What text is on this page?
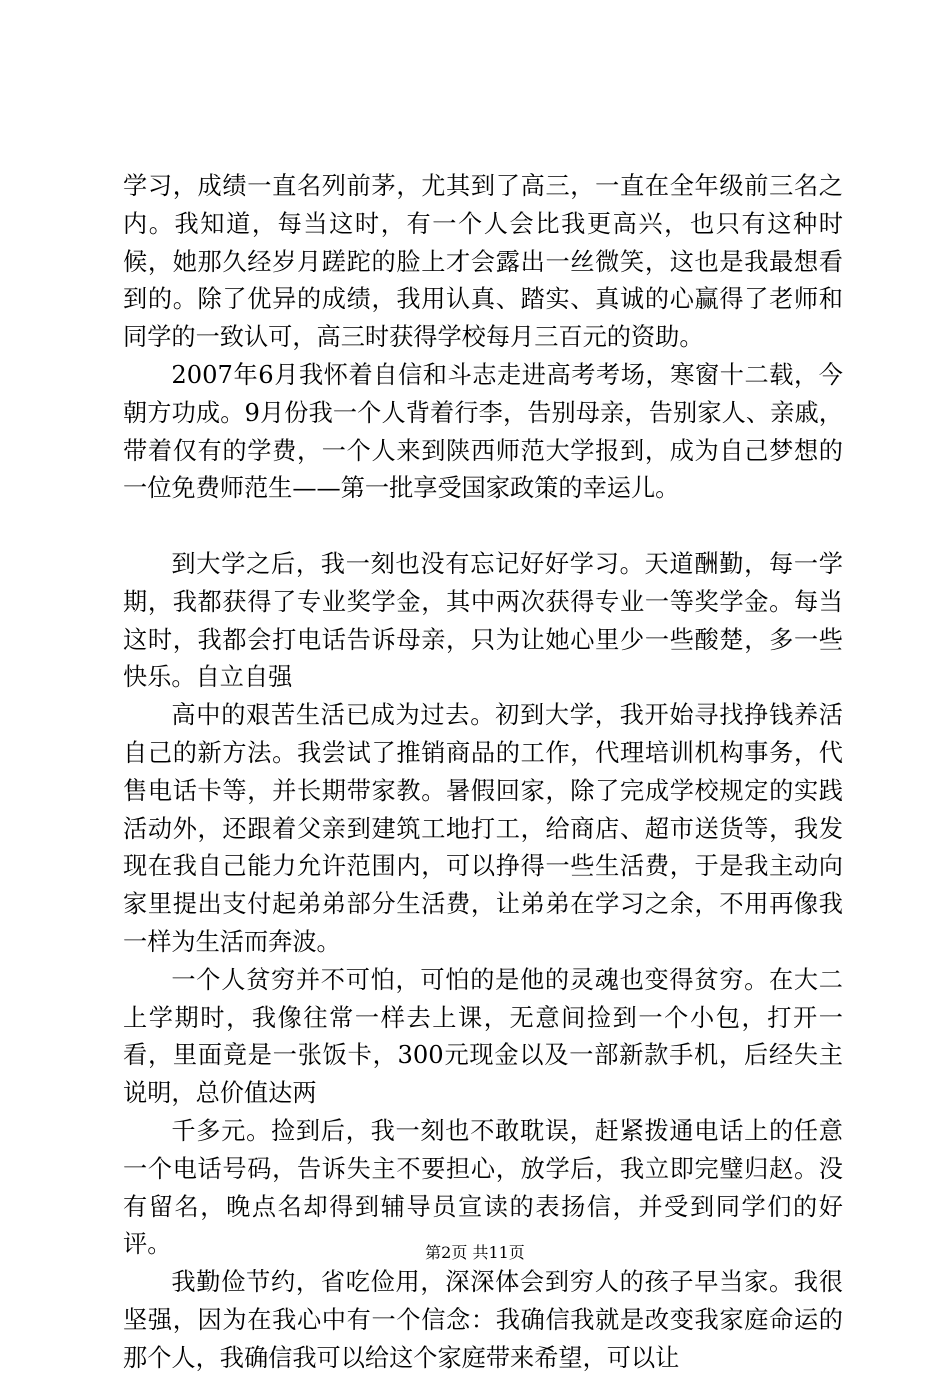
学习，成绩一直名列前茅，尤其到了高三，一直在全年级前三名之内。我知道，每当这时，有一个人会比我更高兴，也只有这种时候，她那久经岁月蹉跎的脸上才会露出一丝微笑，这也是我最想看到的。除了优异的成绩，我用认真、踏实、真诚的心赢得了老师和同学的一致认可，高三时获得学校每月三百元的资助。

2007年6月我怀着自信和斗志走进高考考场，寒窗十二载，今朝方功成。9月份我一个人背着行李，告别母亲，告别家人、亲戚，带着仅有的学费，一个人来到陕西师范大学报到，成为自己梦想的一位免费师范生——第一批享受国家政策的幸运儿。

到大学之后，我一刻也没有忘记好好学习。天道酬勤，每一学期，我都获得了专业奖学金，其中两次获得专业一等奖学金。每当这时，我都会打电话告诉母亲，只为让她心里少一些酸楚，多一些快乐。自立自强

高中的艰苦生活已成为过去。初到大学，我开始寻找挣钱养活自己的新方法。我尝试了推销商品的工作，代理培训机构事务，代售电话卡等，并长期带家教。暑假回家，除了完成学校规定的实践活动外，还跟着父亲到建筑工地打工，给商店、超市送货等，我发现在我自己能力允许范围内，可以挣得一些生活费，于是我主动向家里提出支付起弟弟部分生活费，让弟弟在学习之余，不用再像我一样为生活而奔波。

一个人贫穷并不可怕，可怕的是他的灵魂也变得贫穷。在大二上学期时，我像往常一样去上课，无意间捡到一个小包，打开一看，里面竟是一张饭卡，300元现金以及一部新款手机，后经失主说明，总价值达两

千多元。捡到后，我一刻也不敢耽误，赶紧拨通电话上的任意一个电话号码，告诉失主不要担心，放学后，我立即完璧归赵。没有留名，晚点名却得到辅导员宣读的表扬信，并受到同学们的好评。

我勤俭节约，省吃俭用，深深体会到穷人的孩子早当家。我很坚强，因为在我心中有一个信念：我确信我就是改变我家庭命运的那个人，我确信我可以给这个家庭带来希望，可以让

第2页 共11页
